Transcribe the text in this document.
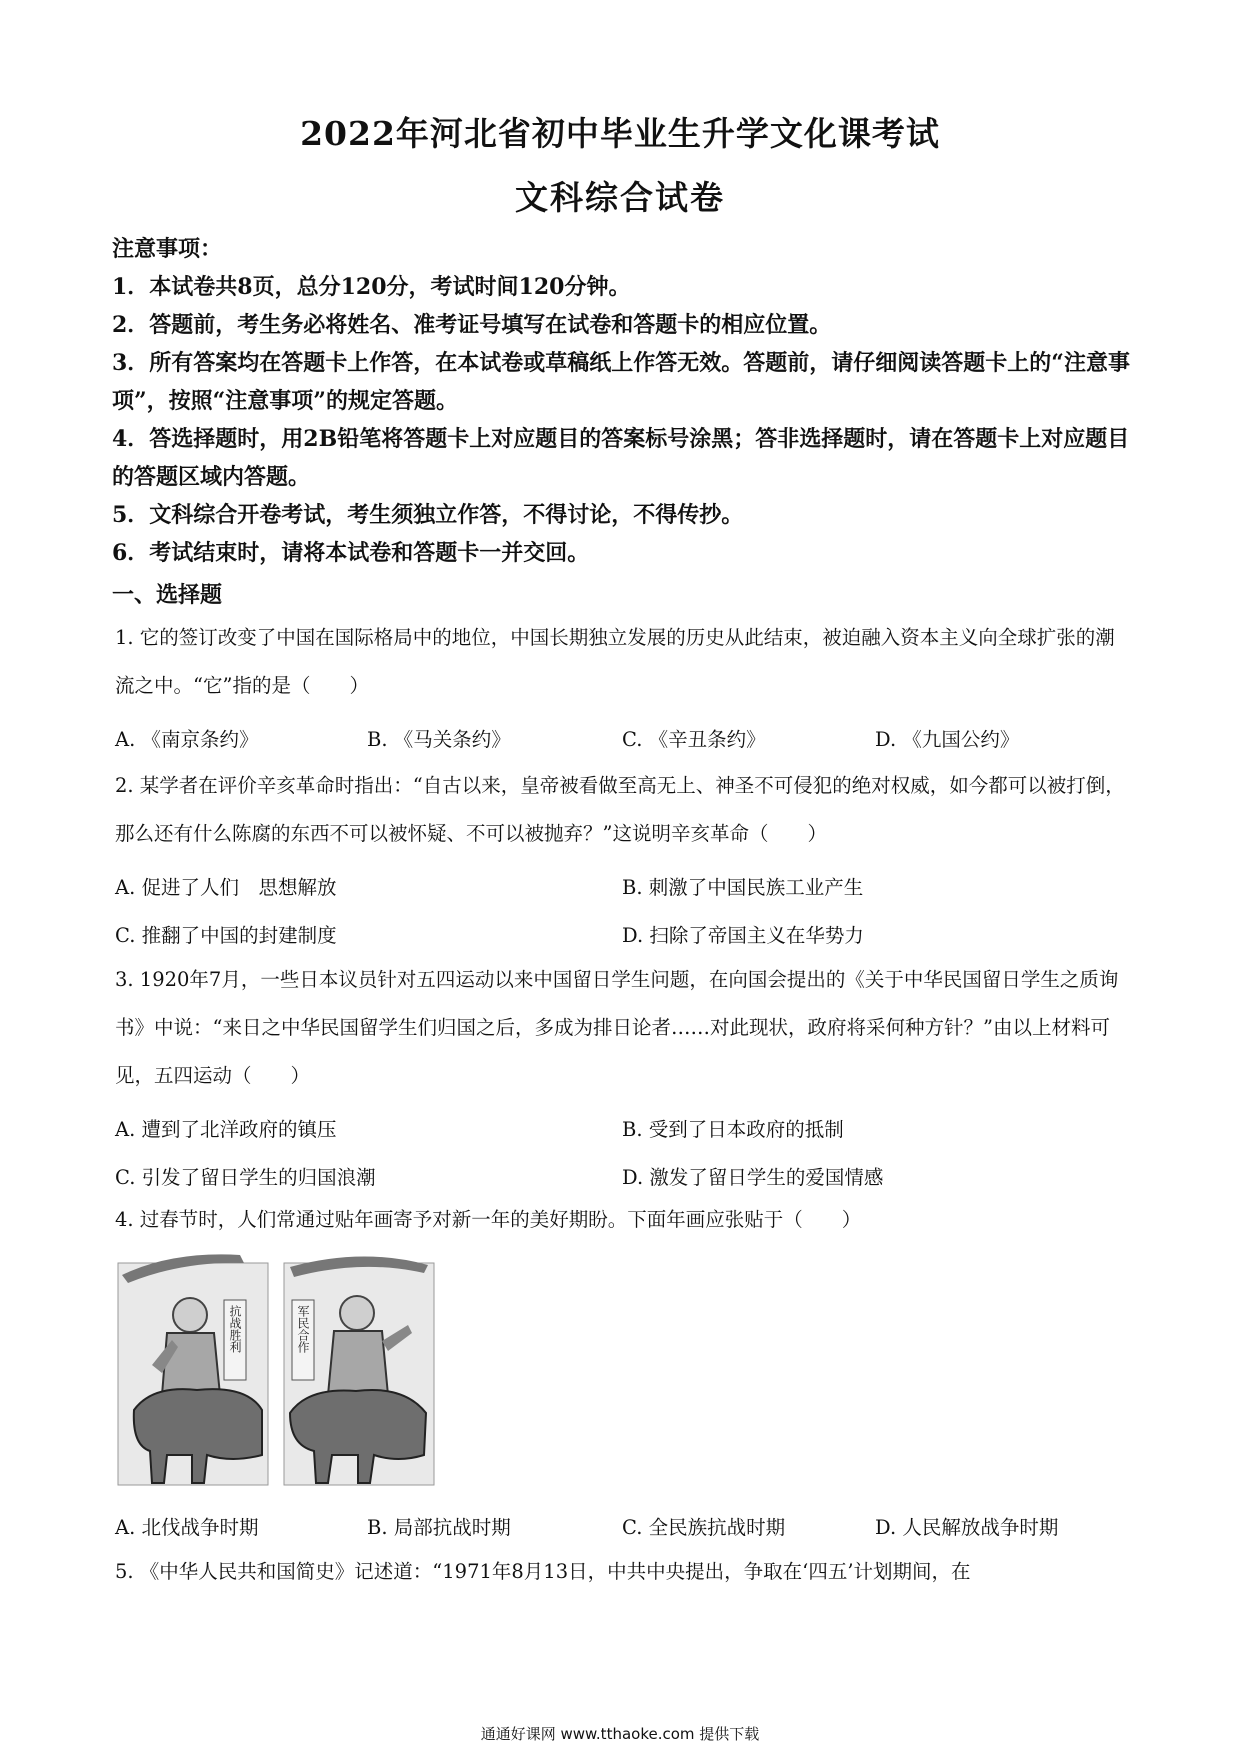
2022年河北省初中毕业生升学文化课考试
文科综合试卷
注意事项：
1．本试卷共8页，总分120分，考试时间120分钟。
2．答题前，考生务必将姓名、准考证号填写在试卷和答题卡的相应位置。
3．所有答案均在答题卡上作答，在本试卷或草稿纸上作答无效。答题前，请仔细阅读答题卡上的“注意事项”，按照“注意事项”的规定答题。
4．答选择题时，用2B铅笔将答题卡上对应题目的答案标号涂黑；答非选择题时，请在答题卡上对应题目的答题区域内答题。
5．文科综合开卷考试，考生须独立作答，不得讨论，不得传抄。
6．考试结束时，请将本试卷和答题卡一并交回。
一、选择题
1. 它的签订改变了中国在国际格局中的地位，中国长期独立发展的历史从此结束，被迫融入资本主义向全球扩张的潮流之中。“它”指的是（　　）
A. 《南京条约》	B. 《马关条约》	C. 《辛丑条约》	D. 《九国公约》
2. 某学者在评价辛亥革命时指出：“自古以来，皇帝被看做至高无上、神圣不可侵犯的绝对权威，如今都可以被打倒，那么还有什么陈腐的东西不可以被怀疑、不可以被抛弃？”这说明辛亥革命（　　）
A. 促进了人们　思想解放	B. 刺激了中国民族工业产生
C. 推翻了中国的封建制度	D. 扫除了帝国主义在华势力
3. 1920年7月，一些日本议员针对五四运动以来中国留日学生问题，在向国会提出的《关于中华民国留日学生之质询书》中说：“来日之中华民国留学生们归国之后，多成为排日论者……对此现状，政府将采何种方针？”由以上材料可见，五四运动（　　）
A. 遭到了北洋政府的镇压	B. 受到了日本政府的抵制
C. 引发了留日学生的归国浪潮	D. 激发了留日学生的爱国情感
4. 过春节时，人们常通过贴年画寄予对新一年的美好期盼。下面年画应张贴于（　　）
抗战胜利	军民合作
A. 北伐战争时期	B. 局部抗战时期	C. 全民族抗战时期	D. 人民解放战争时期
5. 《中华人民共和国简史》记述道：“1971年8月13日，中共中央提出，争取在‘四五’计划期间，在
通通好课网 www.tthaoke.com 提供下载
